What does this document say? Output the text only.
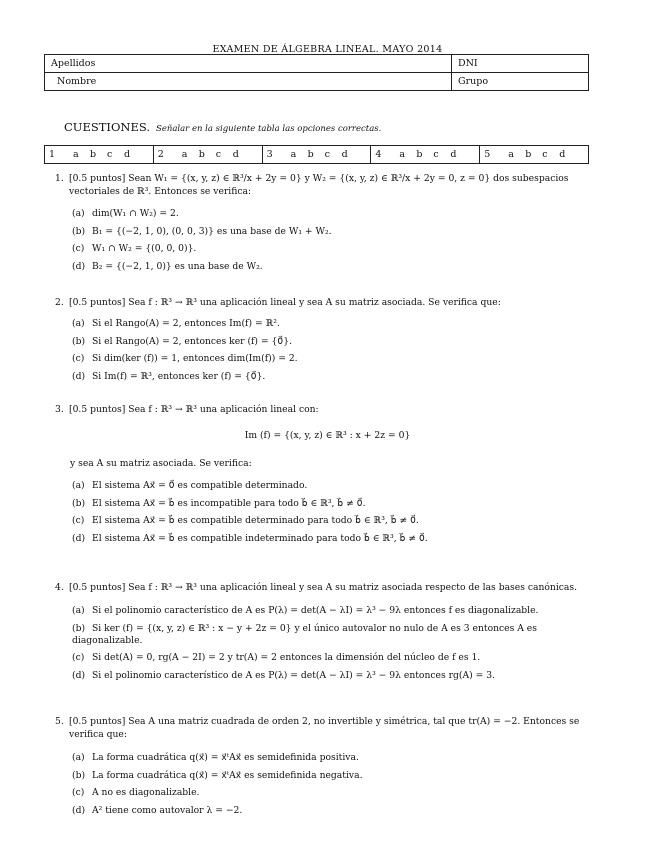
EXAMEN DE ÁLGEBRA LINEAL. MAYO 2014
Apellidos	DNI
Nombre	Grupo
CUESTIONES. Señalar en la siguiente tabla las opciones correctas.
1 a b c d	2 a b c d	3 a b c d	4 a b c d	5 a b c d
1. [0.5 puntos] Sean W₁ = {(x, y, z) ∈ ℝ³/x + 2y = 0} y W₂ = {(x, y, z) ∈ ℝ³/x + 2y = 0, z = 0} dos subespacios vectoriales de ℝ³. Entonces se verifica:
(a) dim(W₁ ∩ W₂) = 2.
(b) B₁ = {(−2, 1, 0), (0, 0, 3)} es una base de W₁ + W₂.
(c) W₁ ∩ W₂ = {(0, 0, 0)}.
(d) B₂ = {(−2, 1, 0)} es una base de W₂.
2. [0.5 puntos] Sea f : ℝ³ → ℝ³ una aplicación lineal y sea A su matriz asociada. Se verifica que:
(a) Si el Rango(A) = 2, entonces Im(f) = ℝ².
(b) Si el Rango(A) = 2, entonces ker (f) = {0⃗}.
(c) Si dim(ker (f)) = 1, entonces dim(Im(f)) = 2.
(d) Si Im(f) = ℝ³, entonces ker (f) = {0⃗}.
3. [0.5 puntos] Sea f : ℝ³ → ℝ³ una aplicación lineal con:
Im (f) = {(x, y, z) ∈ ℝ³ : x + 2z = 0}
y sea A su matriz asociada. Se verifica:
(a) El sistema Ax⃗ = 0⃗ es compatible determinado.
(b) El sistema Ax⃗ = b⃗ es incompatible para todo b⃗ ∈ ℝ³, b⃗ ≠ 0⃗.
(c) El sistema Ax⃗ = b⃗ es compatible determinado para todo b⃗ ∈ ℝ³, b⃗ ≠ 0⃗.
(d) El sistema Ax⃗ = b⃗ es compatible indeterminado para todo b⃗ ∈ ℝ³, b⃗ ≠ 0⃗.
4. [0.5 puntos] Sea f : ℝ³ → ℝ³ una aplicación lineal y sea A su matriz asociada respecto de las bases canónicas.
(a) Si el polinomio característico de A es P(λ) = det(A − λI) = λ³ − 9λ entonces f es diagonalizable.
(b) Si ker (f) = {(x, y, z) ∈ ℝ³ : x − y + 2z = 0} y el único autovalor no nulo de A es 3 entonces A es diagonalizable.
(c) Si det(A) = 0, rg(A − 2I) = 2 y tr(A) = 2 entonces la dimensión del núcleo de f es 1.
(d) Si el polinomio característico de A es P(λ) = det(A − λI) = λ³ − 9λ entonces rg(A) = 3.
5. [0.5 puntos] Sea A una matriz cuadrada de orden 2, no invertible y simétrica, tal que tr(A) = −2. Entonces se verifica que:
(a) La forma cuadrática q(x⃗) = x⃗ᵗAx⃗ es semidefinida positiva.
(b) La forma cuadrática q(x⃗) = x⃗ᵗAx⃗ es semidefinida negativa.
(c) A no es diagonalizable.
(d) A² tiene como autovalor λ = −2.
